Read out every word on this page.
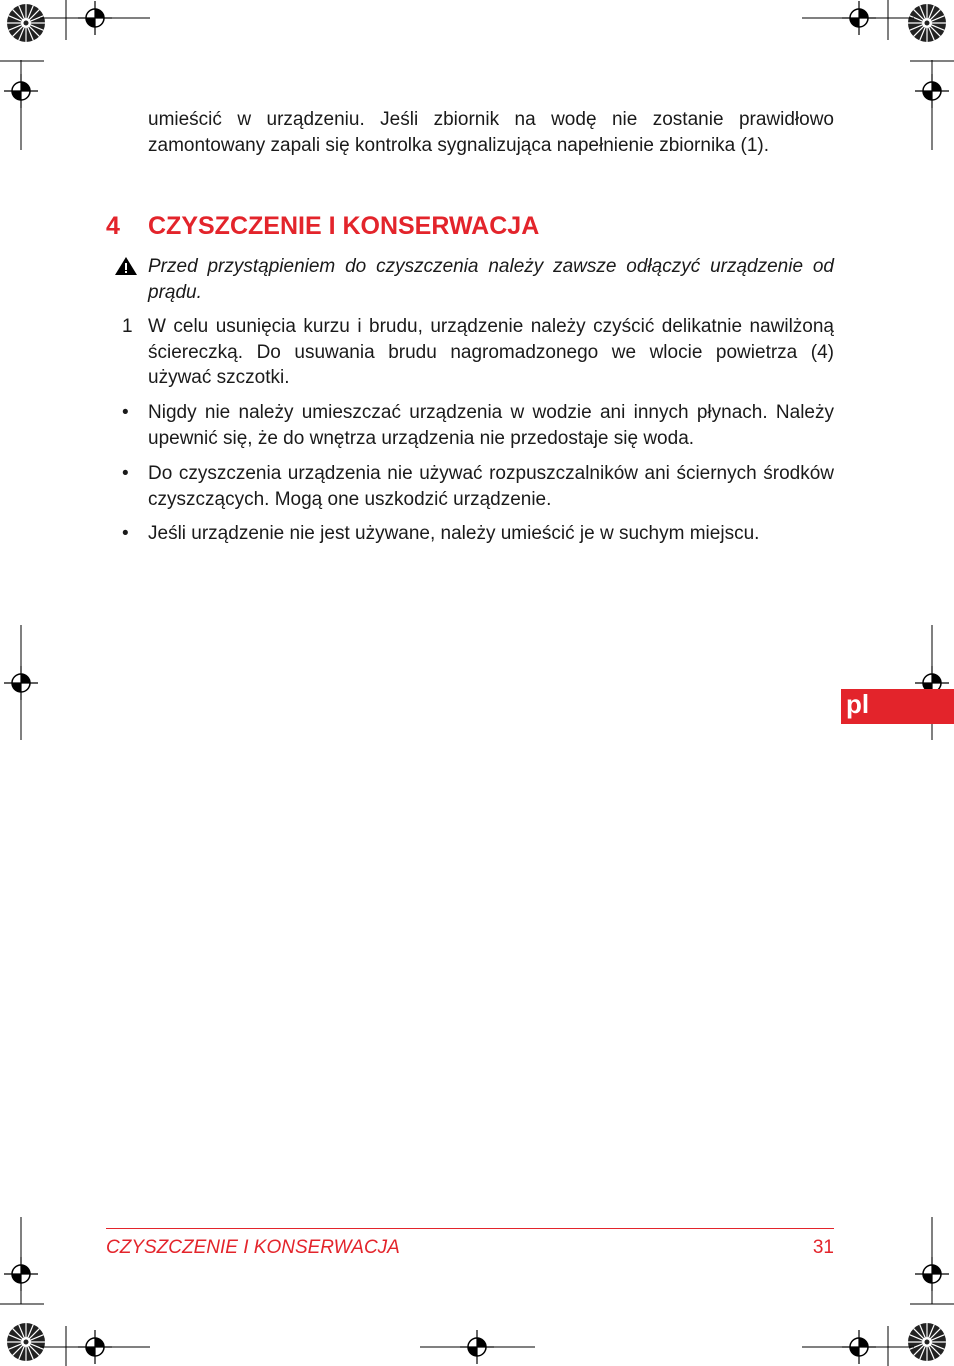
umieścić w urządzeniu. Jeśli zbiornik na wodę nie zostanie prawidłowo zamontowany zapali się kontrolka sygnalizująca napełnienie zbiornika (1).

4 CZYSZCZENIE I KONSERWACJA

Przed przystąpieniem do czyszczenia należy zawsze odłączyć urządzenie od prądu.

1 W celu usunięcia kurzu i brudu, urządzenie należy czyścić delikatnie nawilżoną ściereczką. Do usuwania brudu nagromadzonego we wlocie powietrza (4) używać szczotki.

• Nigdy nie należy umieszczać urządzenia w wodzie ani innych płynach. Należy upewnić się, że do wnętrza urządzenia nie przedostaje się woda.

• Do czyszczenia urządzenia nie używać rozpuszczalników ani ściernych środków czyszczących. Mogą one uszkodzić urządzenie.

• Jeśli urządzenie nie jest używane, należy umieścić je w suchym miejscu.

pl
CZYSZCZENIE I KONSERWACJA	31
